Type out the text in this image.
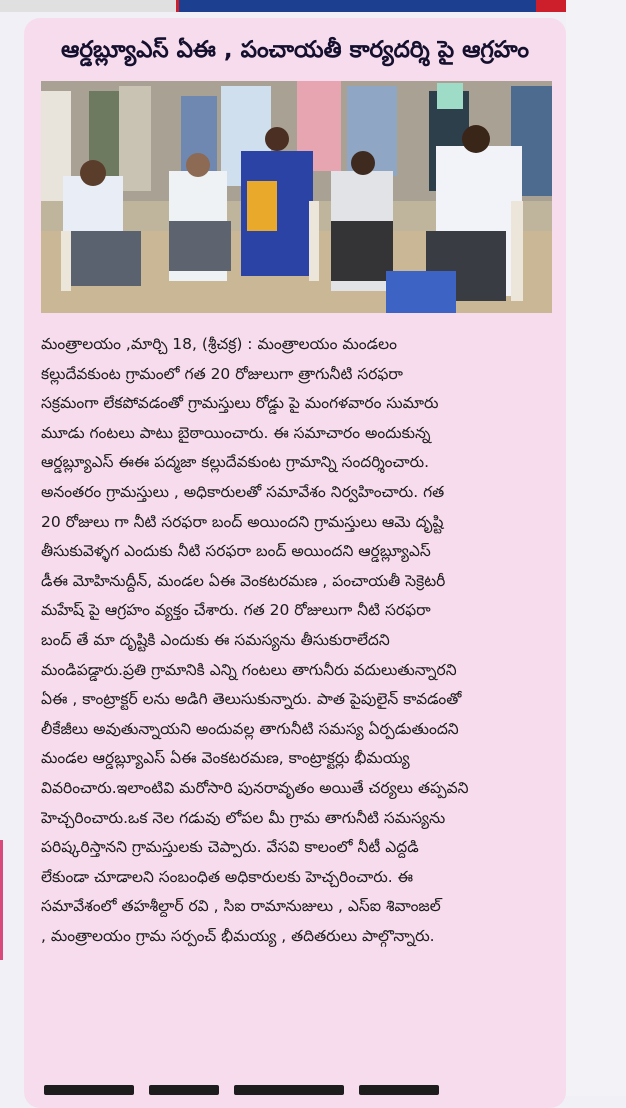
ఆర్డబ్ల్యూఎస్ ఏఈ , పంచాయతీ కార్యదర్శి పై ఆగ్రహం
మంత్రాలయం ,మార్చి 18, (శ్రీచక్ర) : మంత్రాలయం మండలం
కల్లుదేవకుంట గ్రామంలో గత 20 రోజులుగా త్రాగునీటి సరఫరా
సక్రమంగా లేకపోవడంతో గ్రామస్తులు రోడ్డు పై మంగళవారం సుమారు
మూడు గంటలు పాటు బైఠాయించారు. ఈ సమాచారం అందుకున్న
ఆర్డబ్ల్యూఎస్ ఈఈ పద్మజా కల్లుదేవకుంట గ్రామాన్ని సందర్శించారు.
అనంతరం గ్రామస్తులు , అధికారులతో సమావేశం నిర్వహించారు. గత
20 రోజులు గా నీటి సరఫరా బంద్ అయిందని గ్రామస్తులు ఆమె దృష్టి
తీసుకువెళ్ళగ ఎందుకు నీటి సరఫరా బంద్ అయిందని ఆర్డబ్ల్యూఎస్
డీఈ మోహినుద్దీన్, మండల ఏఈ వెంకటరమణ , పంచాయతీ సెక్రెటరీ
మహేష్ పై ఆగ్రహం వ్యక్తం చేశారు. గత 20 రోజులుగా నీటి సరఫరా
బంద్ తే మా దృష్టికి ఎందుకు ఈ సమస్యను తీసుకురాలేదని
మండిపడ్డారు.ప్రతి గ్రామానికి ఎన్ని గంటలు తాగునీరు వదులుతున్నారని
ఏఈ , కాంట్రాక్టర్ లను అడిగి తెలుసుకున్నారు. పాత పైపులైన్ కావడంతో
లీకేజీలు అవుతున్నాయని అందువల్ల తాగునీటి సమస్య ఏర్పడుతుందని
మండల ఆర్డబ్ల్యూఎస్ ఏఈ వెంకటరమణ, కాంట్రాక్టర్లు భీమయ్య
వివరించారు.ఇలాంటివి మరోసారి పునరావృతం అయితే చర్యలు తప్పవని
హెచ్చరించారు.ఒక నెల గడువు లోపల మీ గ్రామ తాగునీటి సమస్యను
పరిష్కరిస్తానని గ్రామస్తులకు చెప్పారు. వేసవి కాలంలో నీటీ ఎద్దడి
లేకుండా చూడాలని సంబంధిత అధికారులకు హెచ్చరించారు. ఈ
సమావేశంలో తహశీల్దార్ రవి , సిఐ రామానుజులు , ఎస్ఐ శివాంజల్
, మంత్రాలయం గ్రామ సర్పంచ్ భీమయ్య , తదితరులు పాల్గొన్నారు.
